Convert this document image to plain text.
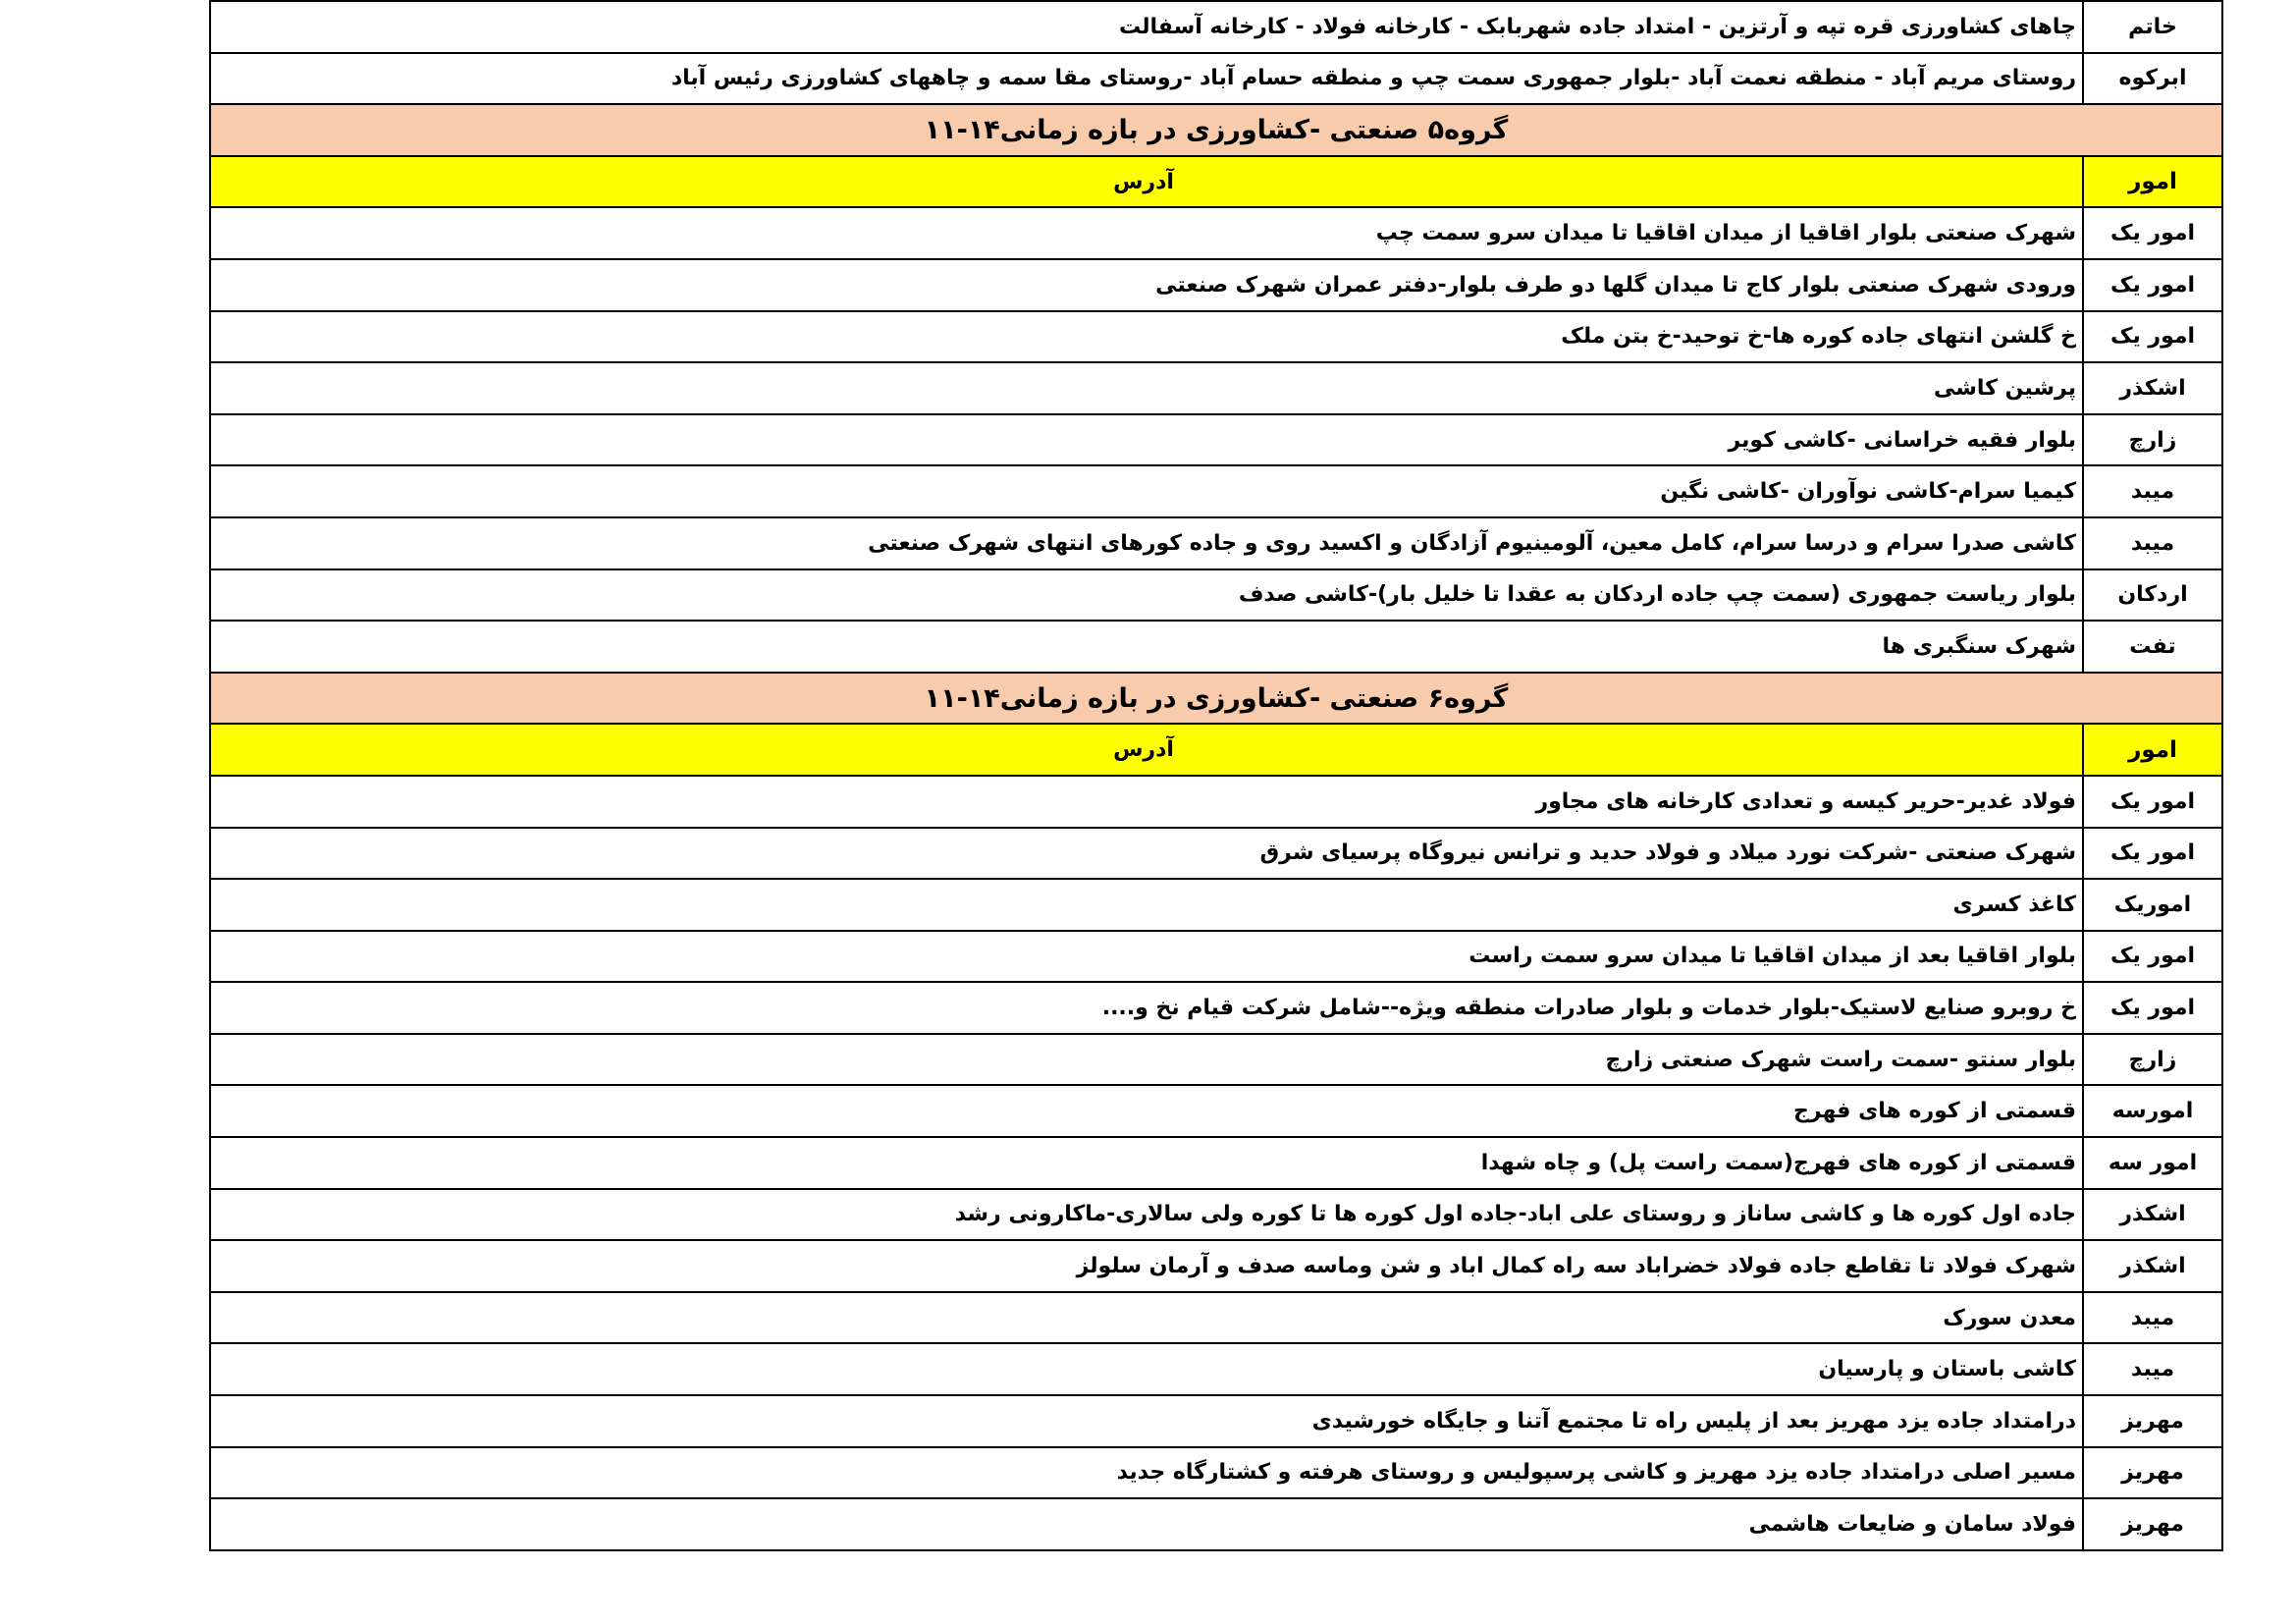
خاتم	چاهای کشاورزی قره تپه و آرتزین - امتداد جاده شهربابک - کارخانه فولاد - کارخانه آسفالت
ابرکوه	روستای مریم آباد - منطقه نعمت آباد -بلوار جمهوری سمت چپ و منطقه حسام آباد -روستای مقا سمه و چاههای کشاورزی رئیس آباد
گروه۵ صنعتی -کشاورزی در بازه زمانی۱۴-۱۱	
امور	آدرس
امور یک	شهرک صنعتی بلوار اقاقیا از میدان اقاقیا تا میدان سرو سمت چپ
امور یک	ورودی شهرک صنعتی بلوار کاج تا میدان گلها دو طرف بلوار-دفتر عمران شهرک صنعتی
امور یک	خ گلشن انتهای جاده کوره ها-خ توحید-خ بتن ملک
اشکذر	پرشین کاشی
زارچ	بلوار فقیه خراسانی -کاشی کویر
میبد	کیمیا سرام-کاشی نوآوران -کاشی نگین
میبد	کاشی صدرا سرام و درسا سرام، کامل معین، آلومینیوم آزادگان و اکسید روی و جاده کورهای انتهای شهرک صنعتی
اردکان	بلوار ریاست جمهوری (سمت چپ جاده اردکان به عقدا تا خلیل بار)-کاشی صدف
تفت	شهرک سنگبری ها
گروه۶ صنعتی -کشاورزی در بازه زمانی۱۴-۱۱	
امور	آدرس
امور یک	فولاد غدیر-حریر کیسه و تعدادی کارخانه های مجاور
امور یک	شهرک صنعتی -شرکت نورد میلاد و فولاد حدید و ترانس نیروگاه پرسیای شرق
اموریک	کاغذ کسری
امور یک	بلوار اقاقیا بعد از میدان اقاقیا تا میدان سرو سمت راست
امور یک	خ روبرو صنایع لاستیک-بلوار خدمات و بلوار صادرات منطقه ویژه--شامل شرکت قیام نخ و....
زارچ	بلوار سنتو -سمت راست شهرک صنعتی زارچ
امورسه	قسمتی از کوره های فهرج
امور سه	قسمتی از کوره های فهرج(سمت راست پل) و چاه شهدا
اشکذر	جاده اول کوره ها و کاشی ساناز و روستای علی اباد-جاده اول کوره ها تا کوره ولی سالاری-ماکارونی رشد
اشکذر	شهرک فولاد تا تقاطع جاده فولاد خضراباد سه راه کمال اباد و شن وماسه صدف و آرمان سلولز
میبد	معدن سورک
میبد	کاشی باستان و پارسیان
مهریز	درامتداد جاده یزد مهریز بعد از پلیس راه تا مجتمع آتنا و جایگاه خورشیدی
مهریز	مسیر اصلی درامتداد جاده یزد مهریز و کاشی پرسپولیس و روستای هرفته و کشتارگاه جدید
مهریز	فولاد سامان و ضایعات هاشمی
